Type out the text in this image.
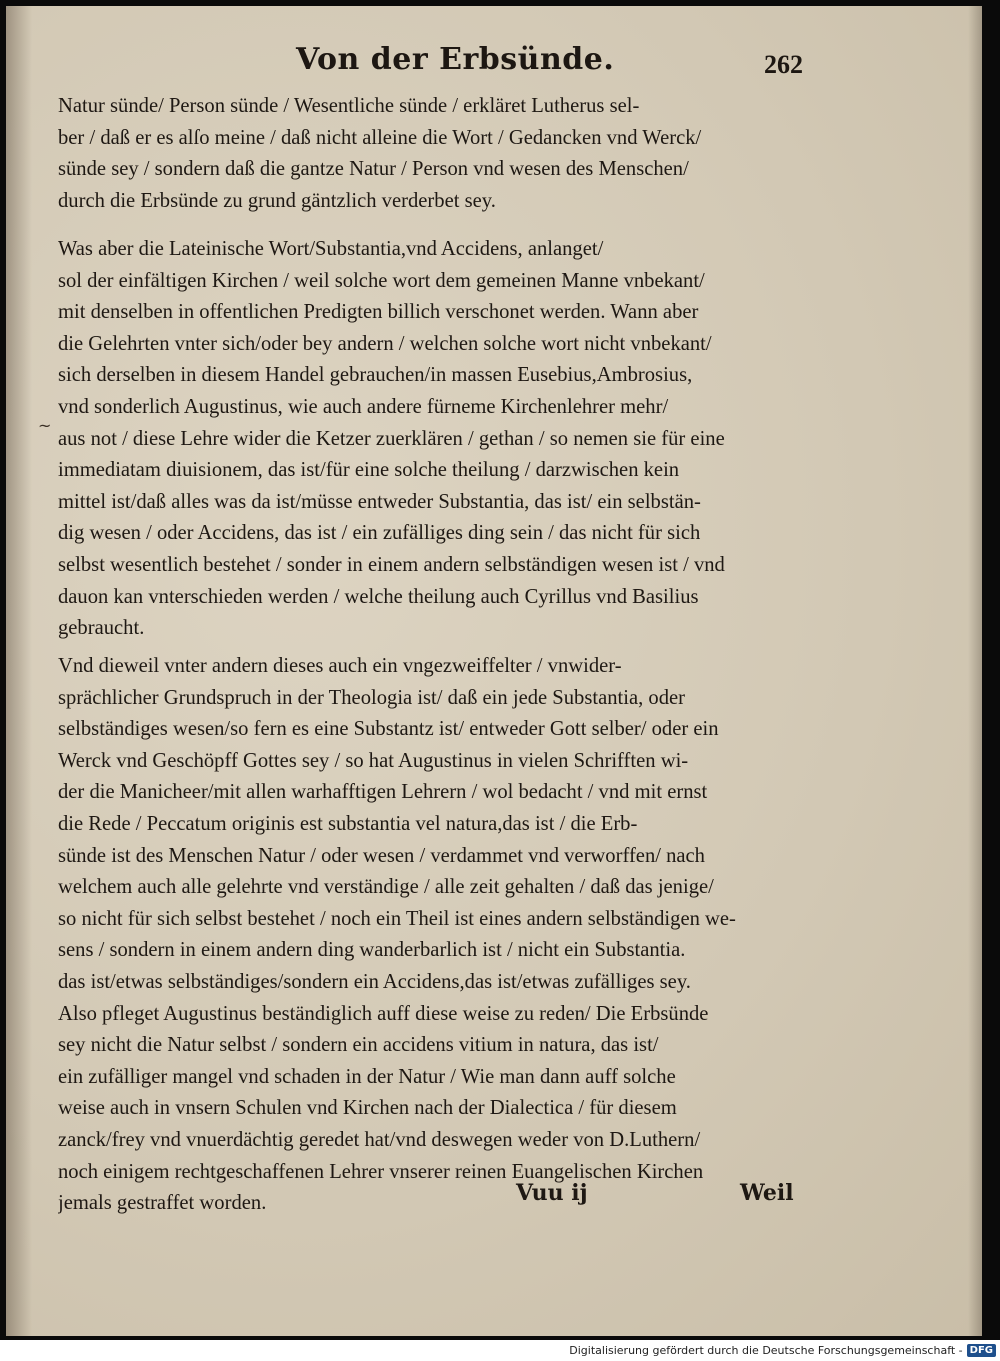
Von der Erbsünde.	262
~
Natur sünde/ Person sünde / Wesentliche sünde / erkläret Lutherus sel-
ber / daß er es alſo meine / daß nicht alleine die Wort / Gedancken vnd Werck/
sünde sey / sondern daß die gantze Natur / Person vnd wesen des Menschen/
durch die Erbsünde zu grund gäntzlich verderbet sey.
Was aber die Lateinische Wort/Substantia,vnd Accidens, anlanget/
sol der einfältigen Kirchen / weil solche wort dem gemeinen Manne vnbekant/
mit denselben in offentlichen Predigten billich verschonet werden. Wann aber
die Gelehrten vnter sich/oder bey andern / welchen solche wort nicht vnbekant/
sich derselben in diesem Handel gebrauchen/in massen Eusebius,Ambrosius,
vnd sonderlich Augustinus, wie auch andere fürneme Kirchenlehrer mehr/
aus not / diese Lehre wider die Ketzer zuerklären / gethan / so nemen sie für eine
immediatam diuisionem, das ist/für eine solche theilung / darzwischen kein
mittel ist/daß alles was da ist/müsse entweder Substantia, das ist/ ein selbstän-
dig wesen / oder Accidens, das ist / ein zufälliges ding sein / das nicht für sich
selbst wesentlich bestehet / sonder in einem andern selbständigen wesen ist / vnd
dauon kan vnterschieden werden / welche theilung auch Cyrillus vnd Basilius
gebraucht.
Vnd dieweil vnter andern dieses auch ein vngezweiffelter / vnwider-
sprächlicher Grundspruch in der Theologia ist/ daß ein jede Substantia, oder
selbständiges wesen/so fern es eine Substantz ist/ entweder Gott selber/ oder ein
Werck vnd Geschöpff Gottes sey / so hat Augustinus in vielen Schrifften wi-
der die Manicheer/mit allen warhafftigen Lehrern / wol bedacht / vnd mit ernst
die Rede / Peccatum originis est substantia vel natura,das ist / die Erb-
sünde ist des Menschen Natur / oder wesen / verdammet vnd verworffen/ nach
welchem auch alle gelehrte vnd verständige / alle zeit gehalten / daß das jenige/
so nicht für sich selbst bestehet / noch ein Theil ist eines andern selbständigen we-
sens / sondern in einem andern ding wanderbarlich ist / nicht ein Substantia.
das ist/etwas selbständiges/sondern ein Accidens,das ist/etwas zufälliges sey.
Also pfleget Augustinus beständiglich auff diese weise zu reden/ Die Erbsünde
sey nicht die Natur selbst / sondern ein accidens vitium in natura, das ist/
ein zufälliger mangel vnd schaden in der Natur / Wie man dann auff solche
weise auch in vnsern Schulen vnd Kirchen nach der Dialectica / für diesem
zanck/frey vnd vnuerdächtig geredet hat/vnd deswegen weder von D.Luthern/
noch einigem rechtgeschaffenen Lehrer vnserer reinen Euangelischen Kirchen
jemals gestraffet worden.	Vuu ij	Weil
Digitalisierung gefördert durch die Deutsche Forschungsgemeinschaft - DFG
